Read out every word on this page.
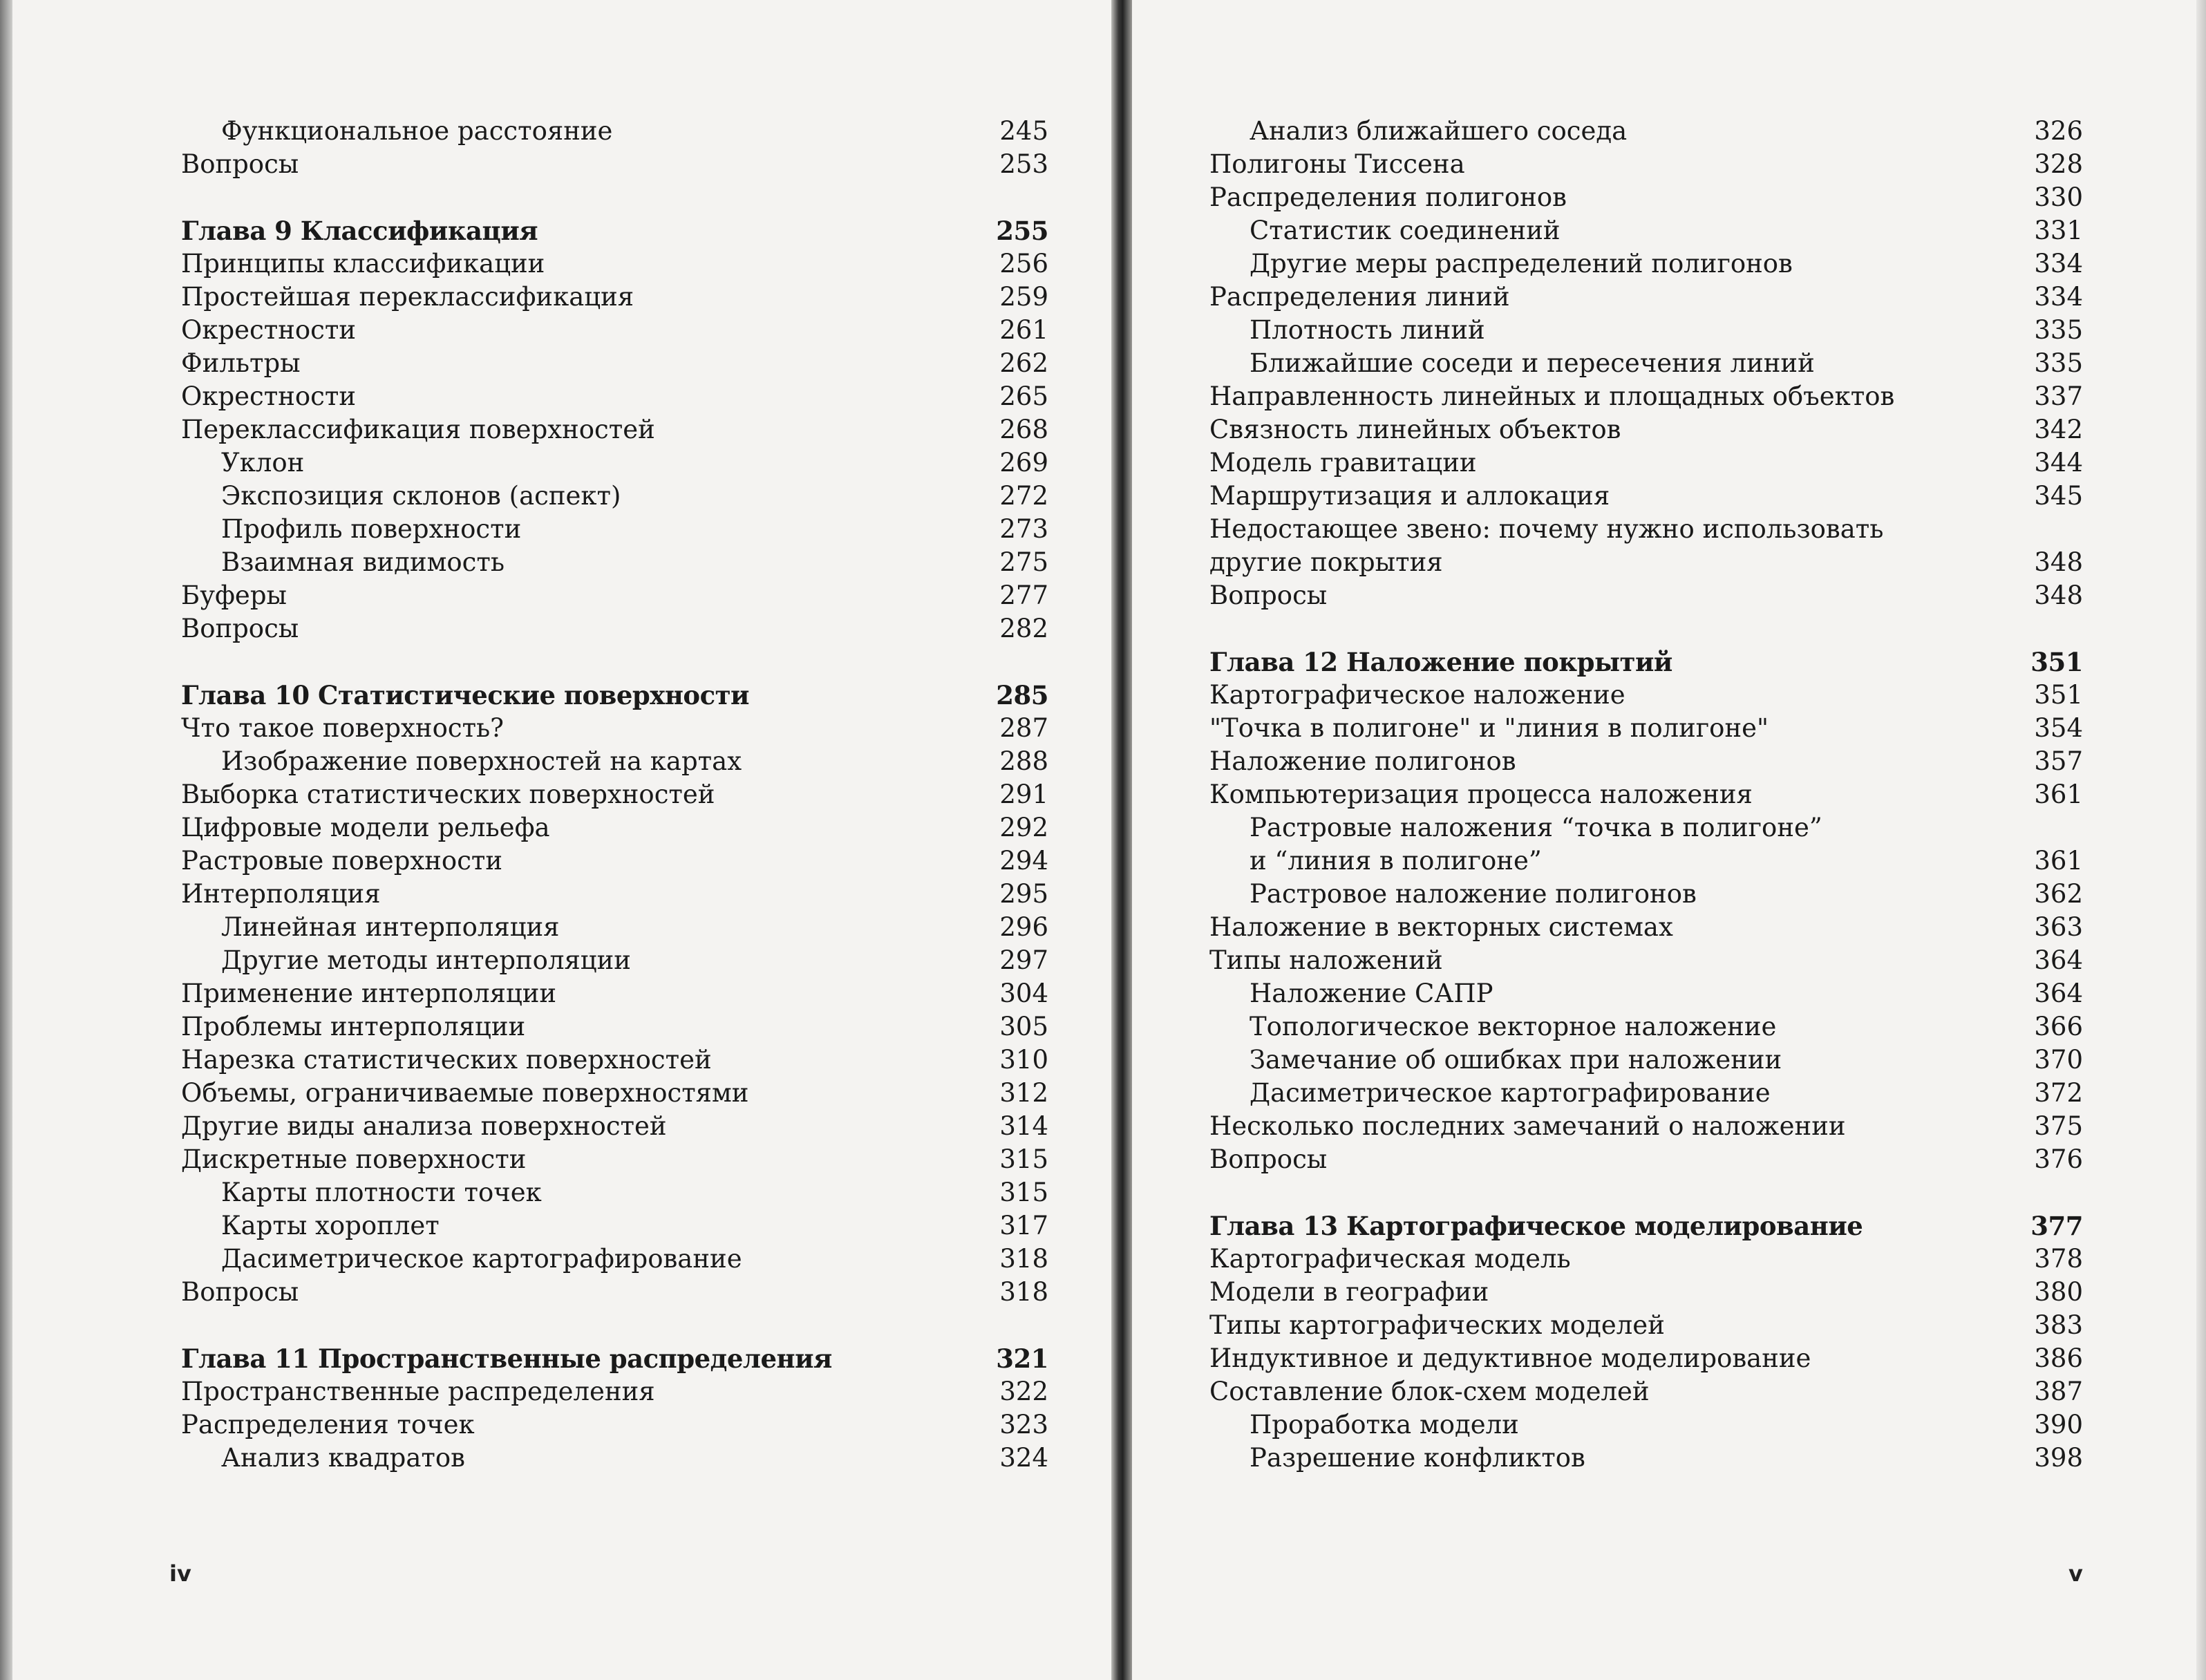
Функциональное расстояние	245
Вопросы	253
Глава 9 Классификация	255
Принципы классификации	256
Простейшая переклассификация	259
Окрестности	261
Фильтры	262
Окрестности	265
Переклассификация поверхностей	268
Уклон	269
Экспозиция склонов (аспект)	272
Профиль поверхности	273
Взаимная видимость	275
Буферы	277
Вопросы	282
Глава 10 Статистические поверхности	285
Что такое поверхность?	287
Изображение поверхностей на картах	288
Выборка статистических поверхностей	291
Цифровые модели рельефа	292
Растровые поверхности	294
Интерполяция	295
Линейная интерполяция	296
Другие методы интерполяции	297
Применение интерполяции	304
Проблемы интерполяции	305
Нарезка статистических поверхностей	310
Объемы, ограничиваемые поверхностями	312
Другие виды анализа поверхностей	314
Дискретные поверхности	315
Карты плотности точек	315
Карты хороплет	317
Дасиметрическое картографирование	318
Вопросы	318
Глава 11 Пространственные распределения	321
Пространственные распределения	322
Распределения точек	323
Анализ квадратов	324
iv
Анализ ближайшего соседа	326
Полигоны Тиссена	328
Распределения полигонов	330
Статистик соединений	331
Другие меры распределений полигонов	334
Распределения линий	334
Плотность линий	335
Ближайшие соседи и пересечения линий	335
Направленность линейных и площадных объектов	337
Связность линейных объектов	342
Модель гравитации	344
Маршрутизация и аллокация	345
Недостающее звено: почему нужно использовать
другие покрытия	348
Вопросы	348
Глава 12 Наложение покрытий	351
Картографическое наложение	351
"Точка в полигоне" и "линия в полигоне"	354
Наложение полигонов	357
Компьютеризация процесса наложения	361
Растровые наложения “точка в полигоне”
и “линия в полигоне”	361
Растровое наложение полигонов	362
Наложение в векторных системах	363
Типы наложений	364
Наложение САПР	364
Топологическое векторное наложение	366
Замечание об ошибках при наложении	370
Дасиметрическое картографирование	372
Несколько последних замечаний о наложении	375
Вопросы	376
Глава 13 Картографическое моделирование	377
Картографическая модель	378
Модели в географии	380
Типы картографических моделей	383
Индуктивное и дедуктивное моделирование	386
Составление блок-схем моделей	387
Проработка модели	390
Разрешение конфликтов	398
v
